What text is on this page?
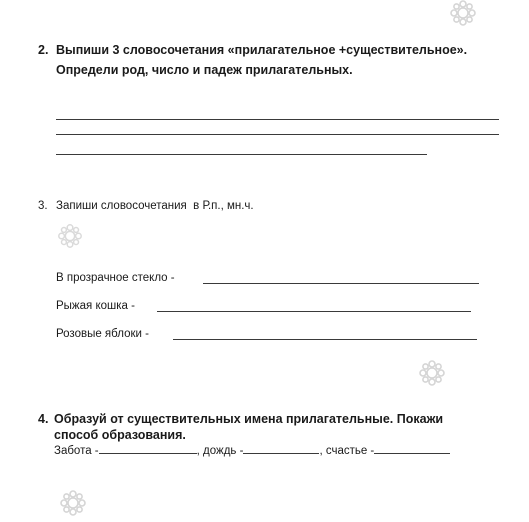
2. Выпиши 3 словосочетания «прилагательное +существительное».
Определи род, число и падеж прилагательных.
3. Запиши словосочетания  в Р.п., мн.ч.
В прозрачное стекло -
Рыжая кошка -
Розовые яблоки -
4. Образуй от существительных имена прилагательные. Покажи
способ образования.
Забота -	, дождь -	, счастье -
